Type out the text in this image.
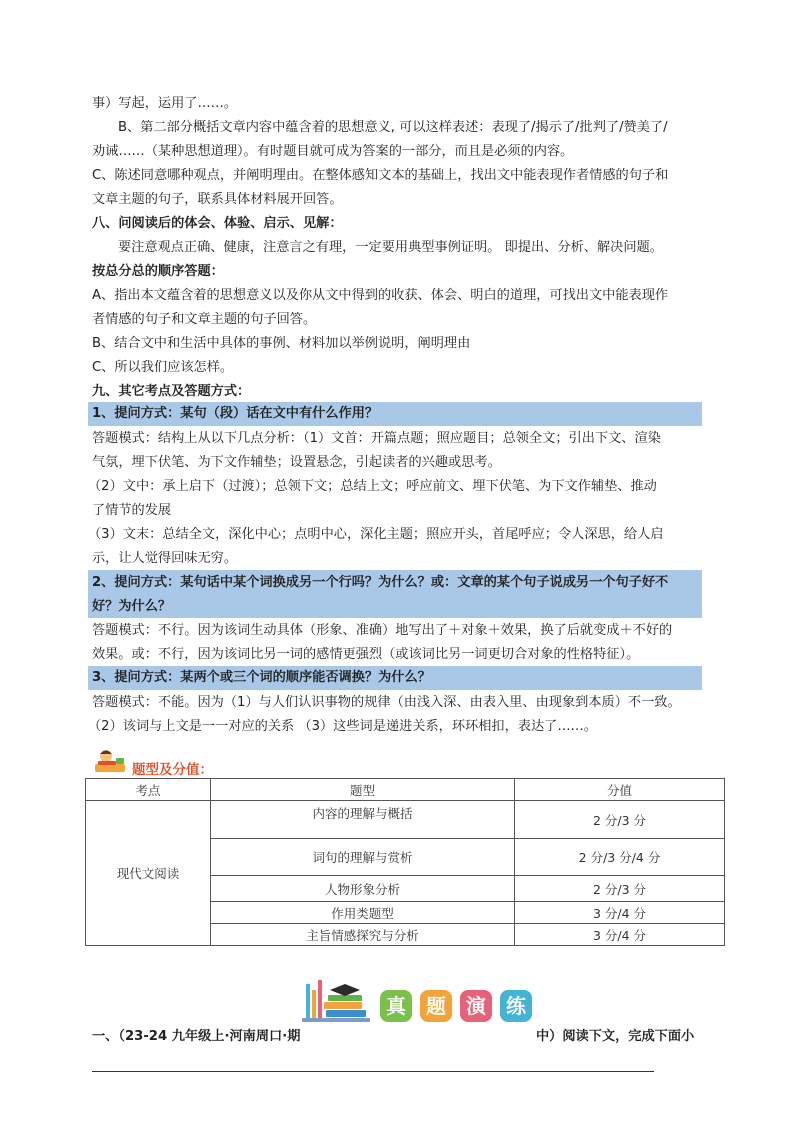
事）写起，运用了……。
B、第二部分概括文章内容中蕴含着的思想意义, 可以这样表述：表现了/揭示了/批判了/赞美了/
劝诫……（某种思想道理）。有时题目就可成为答案的一部分，而且是必须的内容。
C、陈述同意哪种观点，并阐明理由。在整体感知文本的基础上，找出文中能表现作者情感的句子和
文章主题的句子，联系具体材料展开回答。
八、问阅读后的体会、体验、启示、见解：
要注意观点正确、健康，注意言之有理，一定要用典型事例证明。 即提出、分析、解决问题。
按总分总的顺序答题：
A、指出本文蕴含着的思想意义以及你从文中得到的收获、体会、明白的道理，可找出文中能表现作
者情感的句子和文章主题的句子回答。
B、结合文中和生活中具体的事例、材料加以举例说明，阐明理由
C、所以我们应该怎样。
九、其它考点及答题方式：
1、提问方式：某句（段）话在文中有什么作用？
答题模式：结构上从以下几点分析：（1）文首：开篇点题；照应题目；总领全文；引出下文、渲染
气氛，埋下伏笔、为下文作辅垫；设置悬念，引起读者的兴趣或思考。
（2）文中：承上启下（过渡）；总领下文；总结上文；呼应前文、埋下伏笔、为下文作辅垫、推动
了情节的发展
（3）文末：总结全文，深化中心；点明中心，深化主题；照应开头，首尾呼应；令人深思，给人启
示，让人觉得回味无穷。
2、提问方式：某句话中某个词换成另一个行吗？为什么？或：文章的某个句子说成另一个句子好不
好？为什么？
答题模式：不行。因为该词生动具体（形象、准确）地写出了＋对象＋效果，换了后就变成＋不好的
效果。或：不行，因为该词比另一词的感情更强烈（或该词比另一词更切合对象的性格特征）。
3、提问方式：某两个或三个词的顺序能否调换？为什么？
答题模式：不能。因为（1）与人们认识事物的规律（由浅入深、由表入里、由现象到本质）不一致。
（2）该词与上文是一一对应的关系 （3）这些词是递进关系，环环相扣，表达了……。
题型及分值：
考点	题型	分值
现代文阅读	内容的理解与概括	2 分/3 分
	词句的理解与赏析	2 分/3 分/4 分
	人物形象分析	2 分/3 分
	作用类题型	3 分/4 分
	主旨情感探究与分析	3 分/4 分
真	题	演	练
一、（23-24 九年级上·河南周口·期	中）阅读下文，完成下面小
